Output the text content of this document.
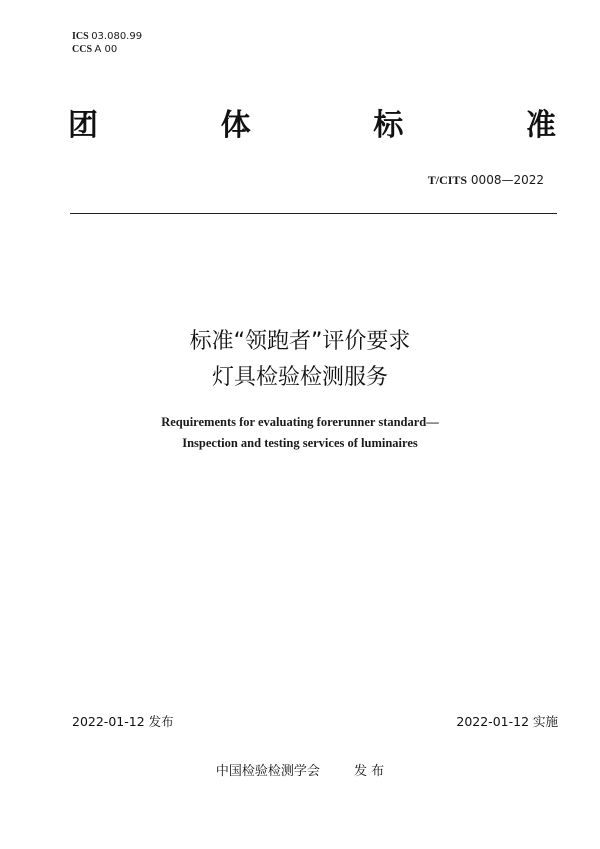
ICS 03.080.99
CCS A 00
团	体	标	准
T/CITS 0008—2022
标准“领跑者”评价要求
灯具检验检测服务
Requirements for evaluating forerunner standard—
Inspection and testing services of luminaires
2022-01-12 发布	2022-01-12 实施
中国检验检测学会	发 布
